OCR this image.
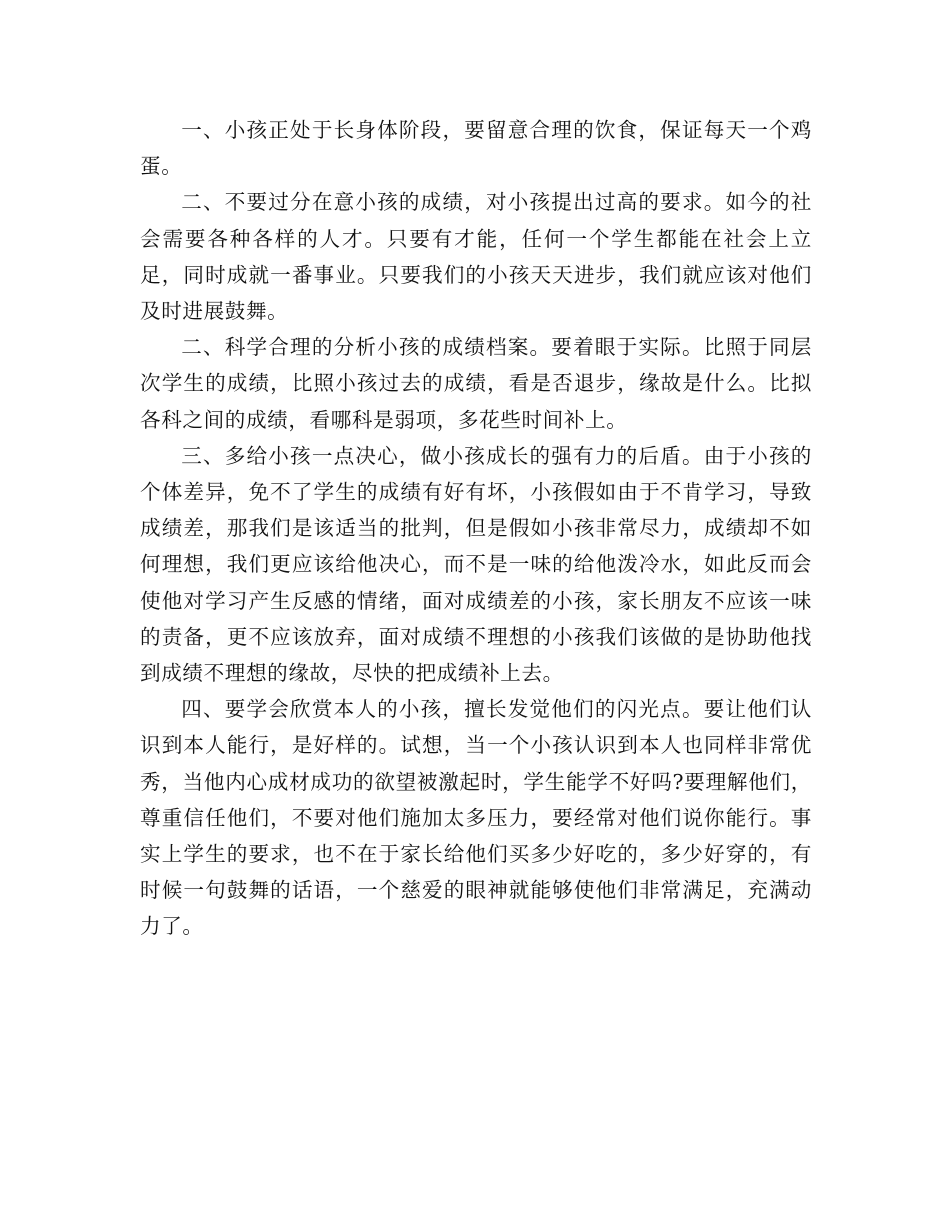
一、小孩正处于长身体阶段，要留意合理的饮食，保证每天一个鸡蛋。

二、不要过分在意小孩的成绩，对小孩提出过高的要求。如今的社会需要各种各样的人才。只要有才能，任何一个学生都能在社会上立足，同时成就一番事业。只要我们的小孩天天进步，我们就应该对他们及时进展鼓舞。

二、科学合理的分析小孩的成绩档案。要着眼于实际。比照于同层次学生的成绩，比照小孩过去的成绩，看是否退步，缘故是什么。比拟各科之间的成绩，看哪科是弱项，多花些时间补上。

三、多给小孩一点决心，做小孩成长的强有力的后盾。由于小孩的个体差异，免不了学生的成绩有好有坏，小孩假如由于不肯学习，导致成绩差，那我们是该适当的批判，但是假如小孩非常尽力，成绩却不如何理想，我们更应该给他决心，而不是一味的给他泼冷水，如此反而会使他对学习产生反感的情绪，面对成绩差的小孩，家长朋友不应该一味的责备，更不应该放弃，面对成绩不理想的小孩我们该做的是协助他找到成绩不理想的缘故，尽快的把成绩补上去。

四、要学会欣赏本人的小孩，擅长发觉他们的闪光点。要让他们认识到本人能行，是好样的。试想，当一个小孩认识到本人也同样非常优秀，当他内心成材成功的欲望被激起时，学生能学不好吗?要理解他们，尊重信任他们，不要对他们施加太多压力，要经常对他们说你能行。事实上学生的要求，也不在于家长给他们买多少好吃的，多少好穿的，有时候一句鼓舞的话语，一个慈爱的眼神就能够使他们非常满足，充满动力了。
